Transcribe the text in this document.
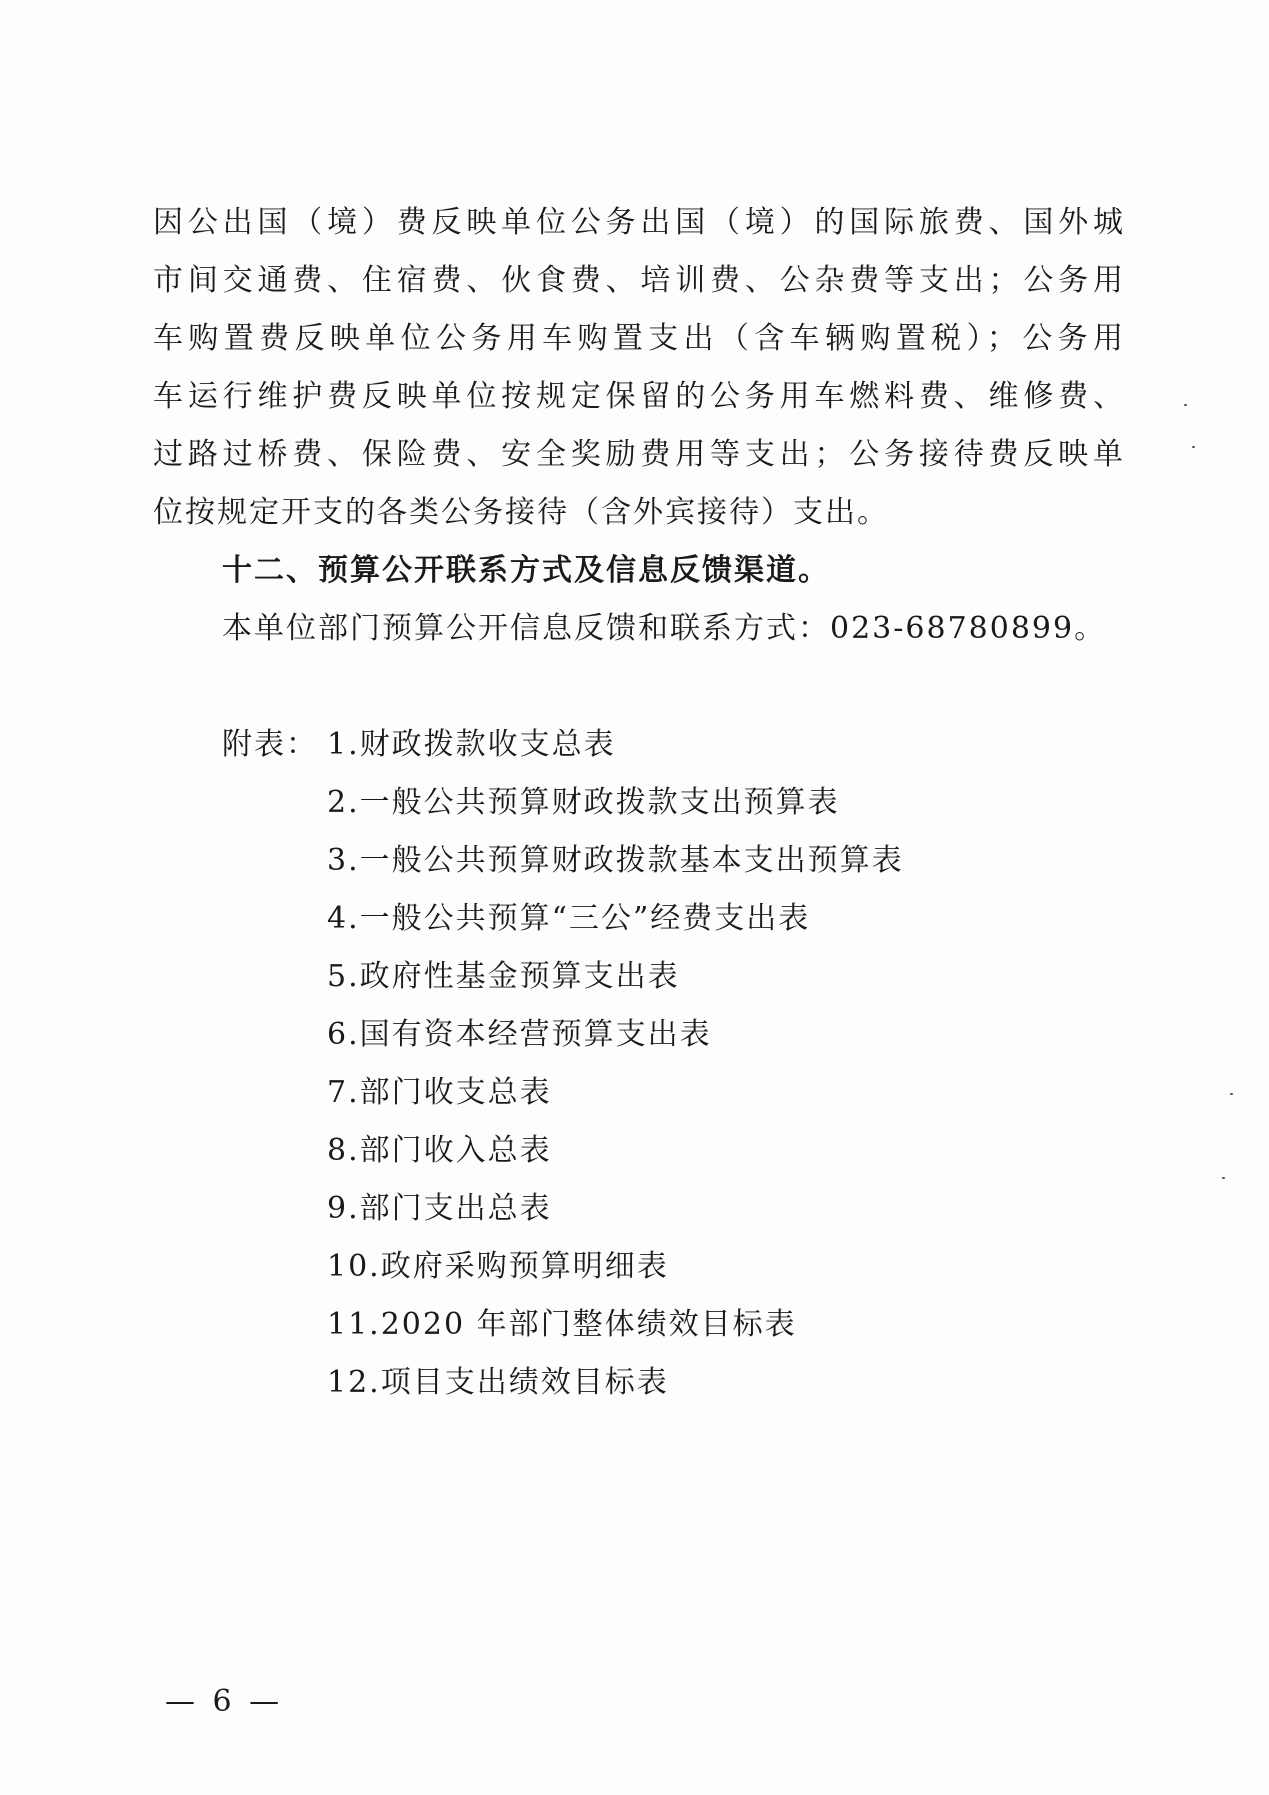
因公出国（境）费反映单位公务出国（境）的国际旅费、国外城
市间交通费、住宿费、伙食费、培训费、公杂费等支出；公务用
车购置费反映单位公务用车购置支出（含车辆购置税）；公务用
车运行维护费反映单位按规定保留的公务用车燃料费、维修费、
过路过桥费、保险费、安全奖励费用等支出；公务接待费反映单
位按规定开支的各类公务接待（含外宾接待）支出。
十二、预算公开联系方式及信息反馈渠道。
本单位部门预算公开信息反馈和联系方式：023-68780899。
附表： 1.财政拨款收支总表
2.一般公共预算财政拨款支出预算表
3.一般公共预算财政拨款基本支出预算表
4.一般公共预算“三公”经费支出表
5.政府性基金预算支出表
6.国有资本经营预算支出表
7.部门收支总表
8.部门收入总表
9.部门支出总表
10.政府采购预算明细表
11.2020 年部门整体绩效目标表
12.项目支出绩效目标表
— 6 —
